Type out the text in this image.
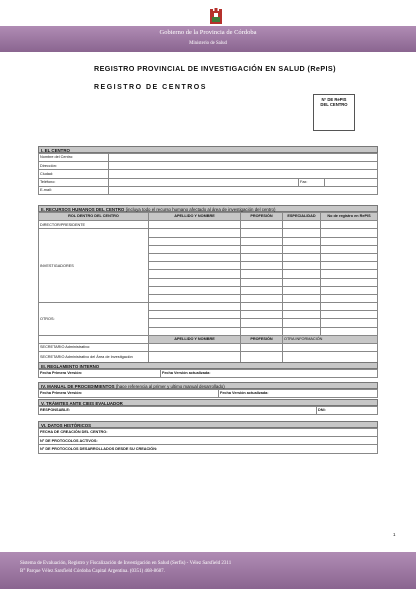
Gobierno de la Provincia de Córdoba
Ministerio de Salud
REGISTRO PROVINCIAL DE INVESTIGACIÓN EN SALUD (RePIS)
REGISTRO DE CENTROS
N° DE RePIS
DEL CENTRO
I. EL CENTRO
Nombre del Centro:			
Dirección:			
Ciudad:			
Teléfono:		Fax:	
E-mail:			
II. RECURSOS HUMANOS DEL CENTRO (incluya todo el recurso humano afectado al área de investigación del centro)
ROL DENTRO DEL CENTRO	APELLIDO Y NOMBRE	PROFESIÓN	ESPECIALIDAD	No de registro en RePIS
DIRECTOR/PRESIDENTE				
INVESTIGADORES				

OTROS:				

	APELLIDO Y NOMBRE	PROFESIÓN	OTRA INFORMACIÓN	
SECRETARIO Administrativo:				
SECRETARIO Administrativo del Área de Investigación				
III. REGLAMENTO INTERNO
Fecha Primera Versión:	Fecha Versión actualizada:
IV. MANUAL DE PROCEDIMIENTOS (hace referencia al primer y ultimo manual desarrollado)
Fecha Primera Versión:	Fecha Versión actualizada:
V. TRÁMITES ANTE CIEIS EVALUADOR
RESPONSABLE:	DNI:
VI. DATOS HISTÓRICOS
FECHA DE CREACIÓN DEL CENTRO:
N° DE PROTOCOLOS ACTIVOS:
N° DE PROTOCOLOS DESARROLLADOS DESDE SU CREACIÓN:
1
Sistema de Evaluación, Registro y Fiscalización de Investigación en Salud (Serfis) - Vélez Sarsfield 2311
B° Parque Vélez Sarsfield Córdoba Capital Argentina. (0351) 468-8687.
